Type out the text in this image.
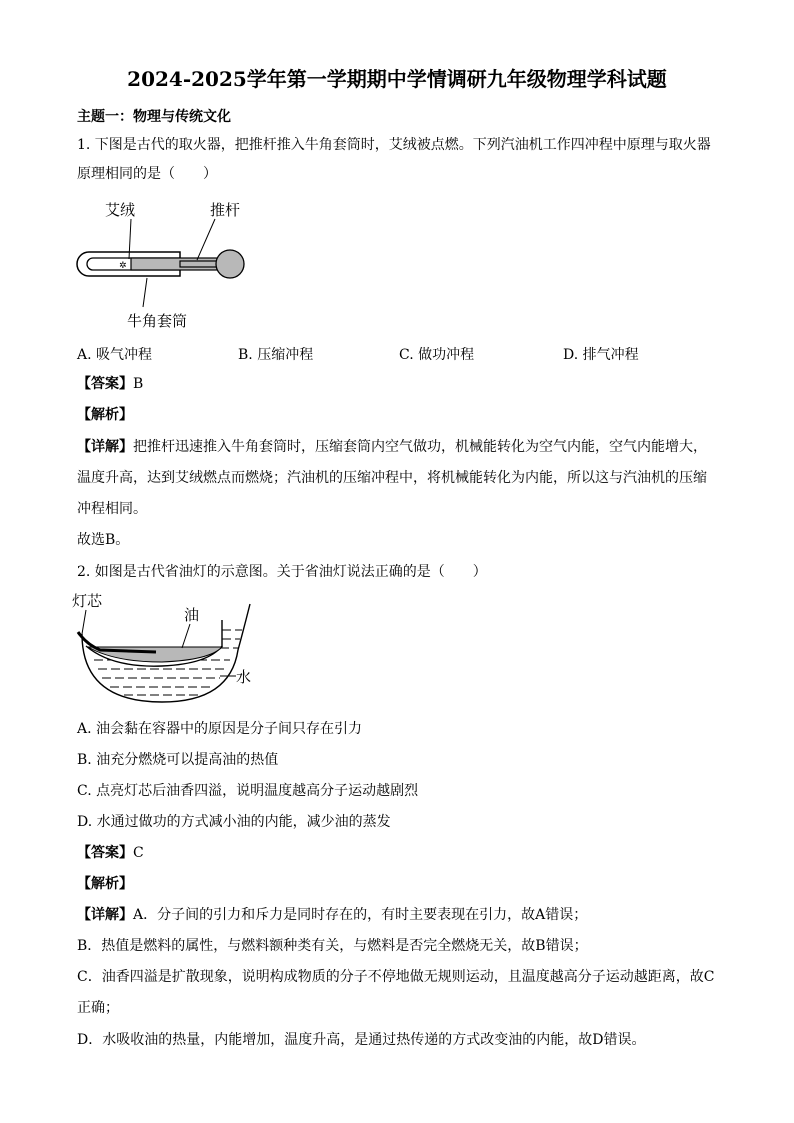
2024-2025学年第一学期期中学情调研九年级物理学科试题
主题一：物理与传统文化
1. 下图是古代的取火器，把推杆推入牛角套筒时，艾绒被点燃。下列汽油机工作四冲程中原理与取火器
原理相同的是（　　）
✲
艾绒	推杆
牛角套筒
A. 吸气冲程	B. 压缩冲程	C. 做功冲程	D. 排气冲程
【答案】B
【解析】
【详解】把推杆迅速推入牛角套筒时，压缩套筒内空气做功，机械能转化为空气内能，空气内能增大，
温度升高，达到艾绒燃点而燃烧；汽油机的压缩冲程中，将机械能转化为内能，所以这与汽油机的压缩
冲程相同。
故选B。
2. 如图是古代省油灯的示意图。关于省油灯说法正确的是（　　）
灯芯
油
水
A. 油会黏在容器中的原因是分子间只存在引力
B. 油充分燃烧可以提高油的热值
C. 点亮灯芯后油香四溢，说明温度越高分子运动越剧烈
D. 水通过做功的方式减小油的内能，减少油的蒸发
【答案】C
【解析】
【详解】A．分子间的引力和斥力是同时存在的，有时主要表现在引力，故A错误；
B．热值是燃料的属性，与燃料额种类有关，与燃料是否完全燃烧无关，故B错误；
C．油香四溢是扩散现象，说明构成物质的分子不停地做无规则运动，且温度越高分子运动越距离，故C
正确；
D．水吸收油的热量，内能增加，温度升高，是通过热传递的方式改变油的内能，故D错误。
